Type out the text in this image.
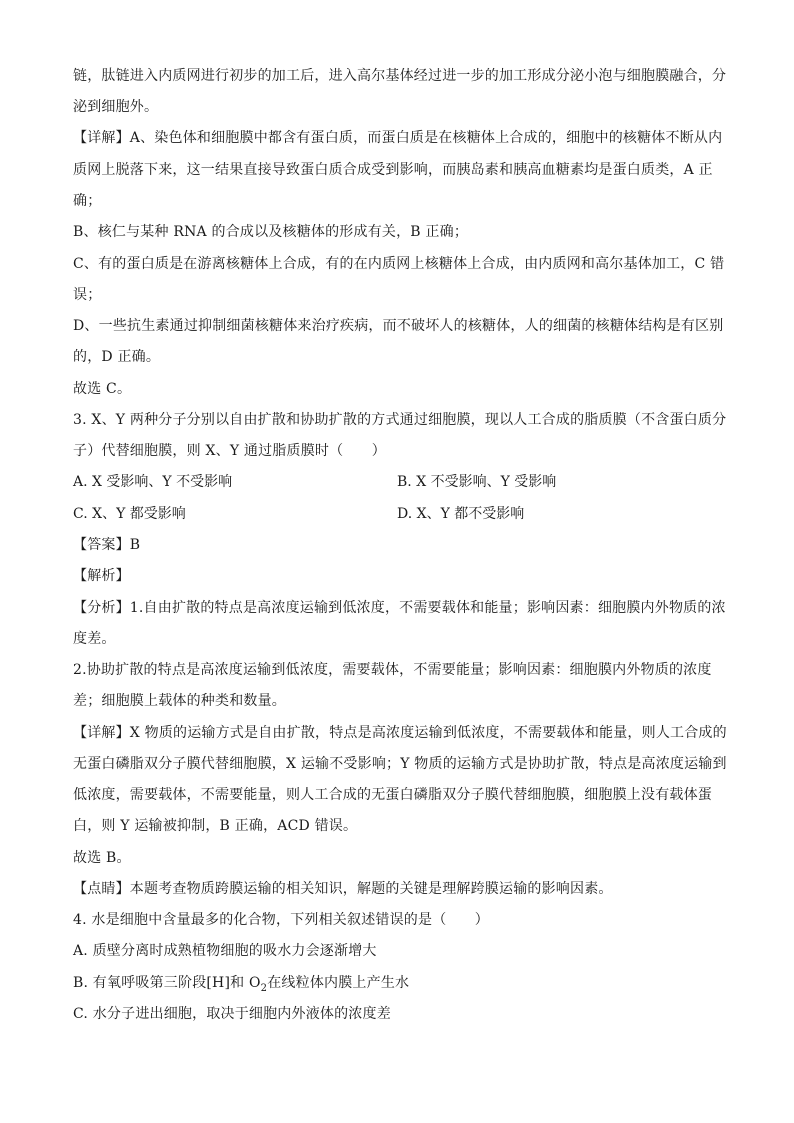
链，肽链进入内质网进行初步的加工后，进入高尔基体经过进一步的加工形成分泌小泡与细胞膜融合，分
泌到细胞外。
【详解】A、染色体和细胞膜中都含有蛋白质，而蛋白质是在核糖体上合成的，细胞中的核糖体不断从内
质网上脱落下来，这一结果直接导致蛋白质合成受到影响，而胰岛素和胰高血糖素均是蛋白质类，A 正
确；
B、核仁与某种 RNA 的合成以及核糖体的形成有关，B 正确；
C、有的蛋白质是在游离核糖体上合成，有的在内质网上核糖体上合成，由内质网和高尔基体加工，C 错
误；
D、一些抗生素通过抑制细菌核糖体来治疗疾病，而不破坏人的核糖体，人的细菌的核糖体结构是有区别
的，D 正确。
故选 C。
3. X、Y 两种分子分别以自由扩散和协助扩散的方式通过细胞膜，现以人工合成的脂质膜（不含蛋白质分
子）代替细胞膜，则 X、Y 通过脂质膜时（　　）
A. X 受影响、Y 不受影响	B. X 不受影响、Y 受影响
C. X、Y 都受影响	D. X、Y 都不受影响
【答案】B
【解析】
【分析】1.自由扩散的特点是高浓度运输到低浓度，不需要载体和能量；影响因素：细胞膜内外物质的浓
度差。
2.协助扩散的特点是高浓度运输到低浓度，需要载体，不需要能量；影响因素：细胞膜内外物质的浓度
差；细胞膜上载体的种类和数量。
【详解】X 物质的运输方式是自由扩散，特点是高浓度运输到低浓度，不需要载体和能量，则人工合成的
无蛋白磷脂双分子膜代替细胞膜，X 运输不受影响；Y 物质的运输方式是协助扩散，特点是高浓度运输到
低浓度，需要载体，不需要能量，则人工合成的无蛋白磷脂双分子膜代替细胞膜，细胞膜上没有载体蛋
白，则 Y 运输被抑制，B 正确，ACD 错误。
故选 B。
【点睛】本题考查物质跨膜运输的相关知识，解题的关键是理解跨膜运输的影响因素。
4. 水是细胞中含量最多的化合物，下列相关叙述错误的是（　　）
A. 质壁分离时成熟植物细胞的吸水力会逐渐增大
B. 有氧呼吸第三阶段[H]和 $O_2$在线粒体内膜上产生水
C. 水分子进出细胞，取决于细胞内外液体的浓度差
